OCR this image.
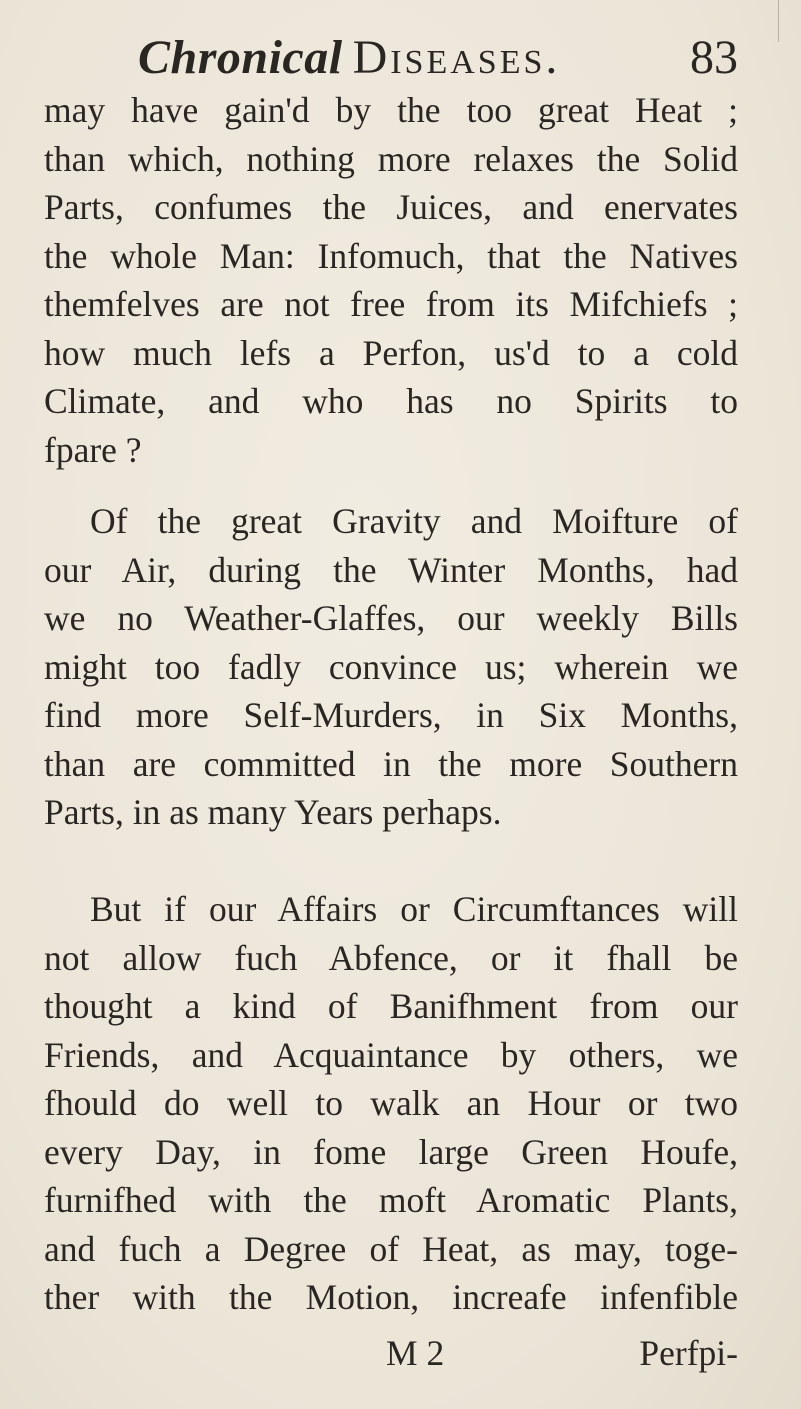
Chronical Diseases.	83
may have gain'd by the too great Heat ;
than which, nothing more relaxes the Solid
Parts, confumes the Juices, and enervates
the whole Man: Infomuch, that the Natives
themfelves are not free from its Mifchiefs ;
how much lefs a Perfon, us'd to a cold
Climate, and who has no Spirits to
fpare ?
Of the great Gravity and Moifture of
our Air, during the Winter Months, had
we no Weather-Glaffes, our weekly Bills
might too fadly convince us; wherein we
find more Self-Murders, in Six Months,
than are committed in the more Southern
Parts, in as many Years perhaps.
But if our Affairs or Circumftances will
not allow fuch Abfence, or it fhall be
thought a kind of Banifhment from our
Friends, and Acquaintance by others, we
fhould do well to walk an Hour or two
every Day, in fome large Green Houfe,
furnifhed with the moft Aromatic Plants,
and fuch a Degree of Heat, as may, toge-
ther with the Motion, increafe infenfible
M 2	Perfpi-
